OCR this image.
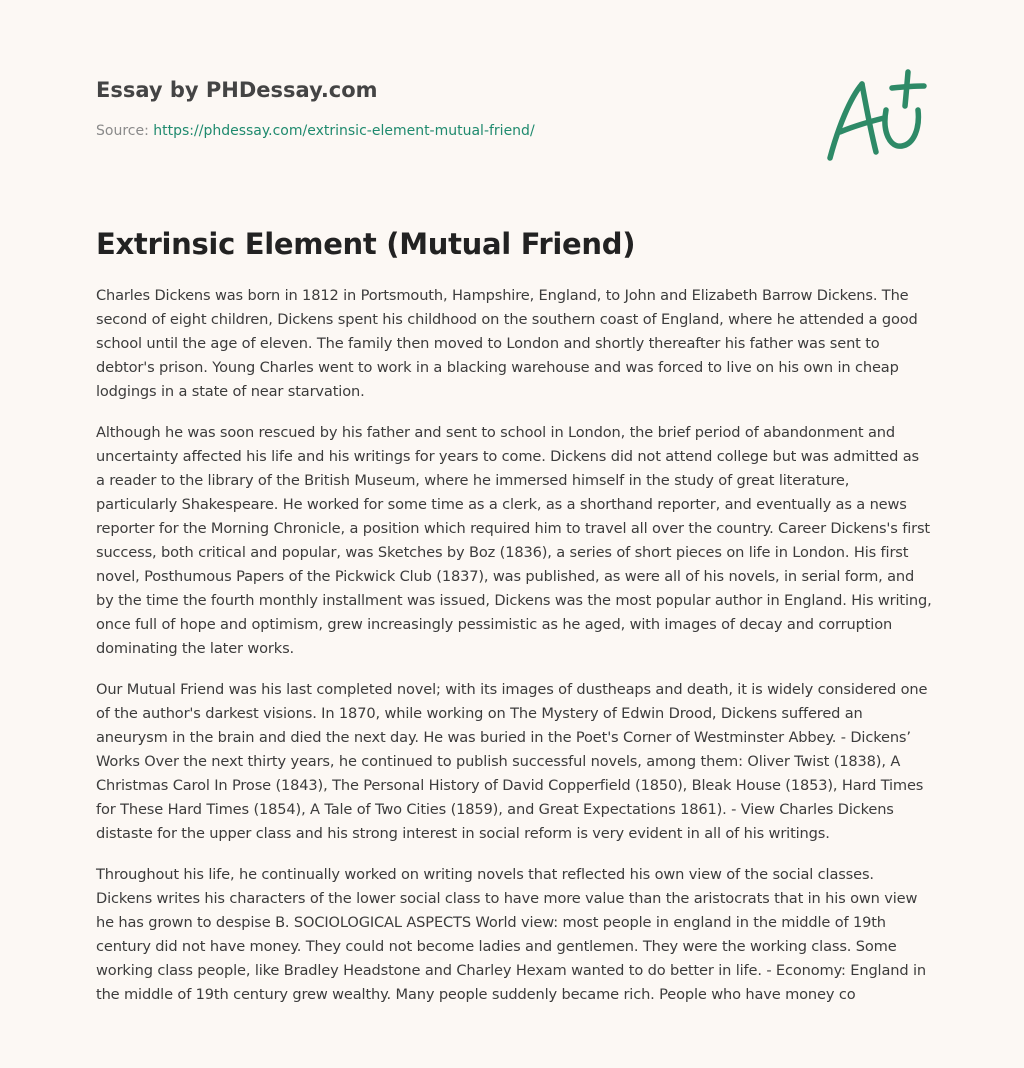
Essay by PHDessay.com
Source: https://phdessay.com/extrinsic-element-mutual-friend/
Extrinsic Element (Mutual Friend)

Charles Dickens was born in 1812 in Portsmouth, Hampshire, England, to John and Elizabeth Barrow Dickens. The second of eight children, Dickens spent his childhood on the southern coast of England, where he attended a good school until the age of eleven. The family then moved to London and shortly thereafter his father was sent to debtor's prison. Young Charles went to work in a blacking warehouse and was forced to live on his own in cheap lodgings in a state of near starvation.

Although he was soon rescued by his father and sent to school in London, the brief period of abandonment and uncertainty affected his life and his writings for years to come. Dickens did not attend college but was admitted as a reader to the library of the British Museum, where he immersed himself in the study of great literature, particularly Shakespeare. He worked for some time as a clerk, as a shorthand reporter, and eventually as a news reporter for the Morning Chronicle, a position which required him to travel all over the country. Career Dickens's first success, both critical and popular, was Sketches by Boz (1836), a series of short pieces on life in London. His first novel, Posthumous Papers of the Pickwick Club (1837), was published, as were all of his novels, in serial form, and by the time the fourth monthly installment was issued, Dickens was the most popular author in England. His writing, once full of hope and optimism, grew increasingly pessimistic as he aged, with images of decay and corruption dominating the later works.

Our Mutual Friend was his last completed novel; with its images of dustheaps and death, it is widely considered one of the author's darkest visions. In 1870, while working on The Mystery of Edwin Drood, Dickens suffered an aneurysm in the brain and died the next day. He was buried in the Poet's Corner of Westminster Abbey. - Dickens’ Works Over the next thirty years, he continued to publish successful novels, among them: Oliver Twist (1838), A Christmas Carol In Prose (1843), The Personal History of David Copperfield (1850), Bleak House (1853), Hard Times for These Hard Times (1854), A Tale of Two Cities (1859), and Great Expectations 1861). - View Charles Dickens distaste for the upper class and his strong interest in social reform is very evident in all of his writings.

Throughout his life, he continually worked on writing novels that reflected his own view of the social classes. Dickens writes his characters of the lower social class to have more value than the aristocrats that in his own view he has grown to despise B. SOCIOLOGICAL ASPECTS World view: most people in england in the middle of 19th century did not have money. They could not become ladies and gentlemen. They were the working class. Some working class people, like Bradley Headstone and Charley Hexam wanted to do better in life. - Economy: England in the middle of 19th century grew wealthy. Many people suddenly became rich. People who have money co
